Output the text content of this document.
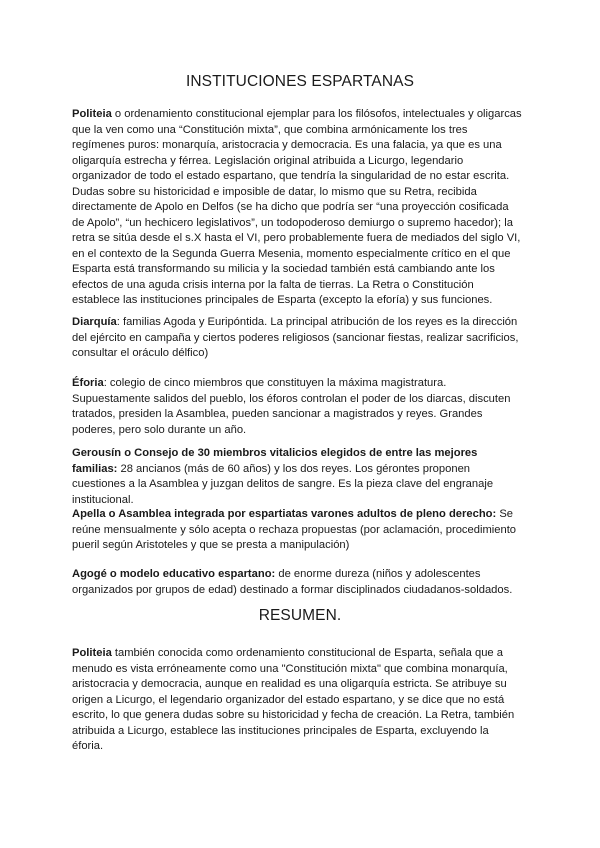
INSTITUCIONES ESPARTANAS

Politeia o ordenamiento constitucional ejemplar para los filósofos, intelectuales y oligarcas que la ven como una “Constitución mixta”, que combina armónicamente los tres regímenes puros: monarquía, aristocracia y democracia. Es una falacia, ya que es una oligarquía estrecha y férrea. Legislación original atribuida a Licurgo, legendario organizador de todo el estado espartano, que tendría la singularidad de no estar escrita. Dudas sobre su historicidad e imposible de datar, lo mismo que su Retra, recibida directamente de Apolo en Delfos (se ha dicho que podría ser “una proyección cosificada de Apolo”, “un hechicero legislativos”, un todopoderoso demiurgo o supremo hacedor); la retra se sitúa desde el s.X hasta el VI, pero probablemente fuera de mediados del siglo VI, en el contexto de la Segunda Guerra Mesenia, momento especialmente crítico en el que Esparta está transformando su milicia y la sociedad también está cambiando ante los efectos de una aguda crisis interna por la falta de tierras. La Retra o Constitución establece las instituciones principales de Esparta (excepto la eforía) y sus funciones.

Diarquía: familias Agoda y Euripóntida. La principal atribución de los reyes es la dirección del ejército en campaña y ciertos poderes religiosos (sancionar fiestas, realizar sacrificios, consultar el oráculo délfico)

Éforia: colegio de cinco miembros que constituyen la máxima magistratura. Supuestamente salidos del pueblo, los éforos controlan el poder de los diarcas, discuten tratados, presiden la Asamblea, pueden sancionar a magistrados y reyes. Grandes poderes, pero solo durante un año.

Gerousín o Consejo de 30 miembros vitalicios elegidos de entre las mejores familias: 28 ancianos (más de 60 años) y los dos reyes. Los gérontes proponen cuestiones a la Asamblea y juzgan delitos de sangre. Es la pieza clave del engranaje institucional.

Apella o Asamblea integrada por espartiatas varones adultos de pleno derecho: Se reúne mensualmente y sólo acepta o rechaza propuestas (por aclamación, procedimiento pueril según Aristoteles y que se presta a manipulación)

Agogé o modelo educativo espartano: de enorme dureza (niños y adolescentes organizados por grupos de edad) destinado a formar disciplinados ciudadanos-soldados.

RESUMEN.

Politeia también conocida como ordenamiento constitucional de Esparta, señala que a menudo es vista erróneamente como una "Constitución mixta" que combina monarquía, aristocracia y democracia, aunque en realidad es una oligarquía estricta. Se atribuye su origen a Licurgo, el legendario organizador del estado espartano, y se dice que no está escrito, lo que genera dudas sobre su historicidad y fecha de creación. La Retra, también atribuida a Licurgo, establece las instituciones principales de Esparta, excluyendo la éforia.
